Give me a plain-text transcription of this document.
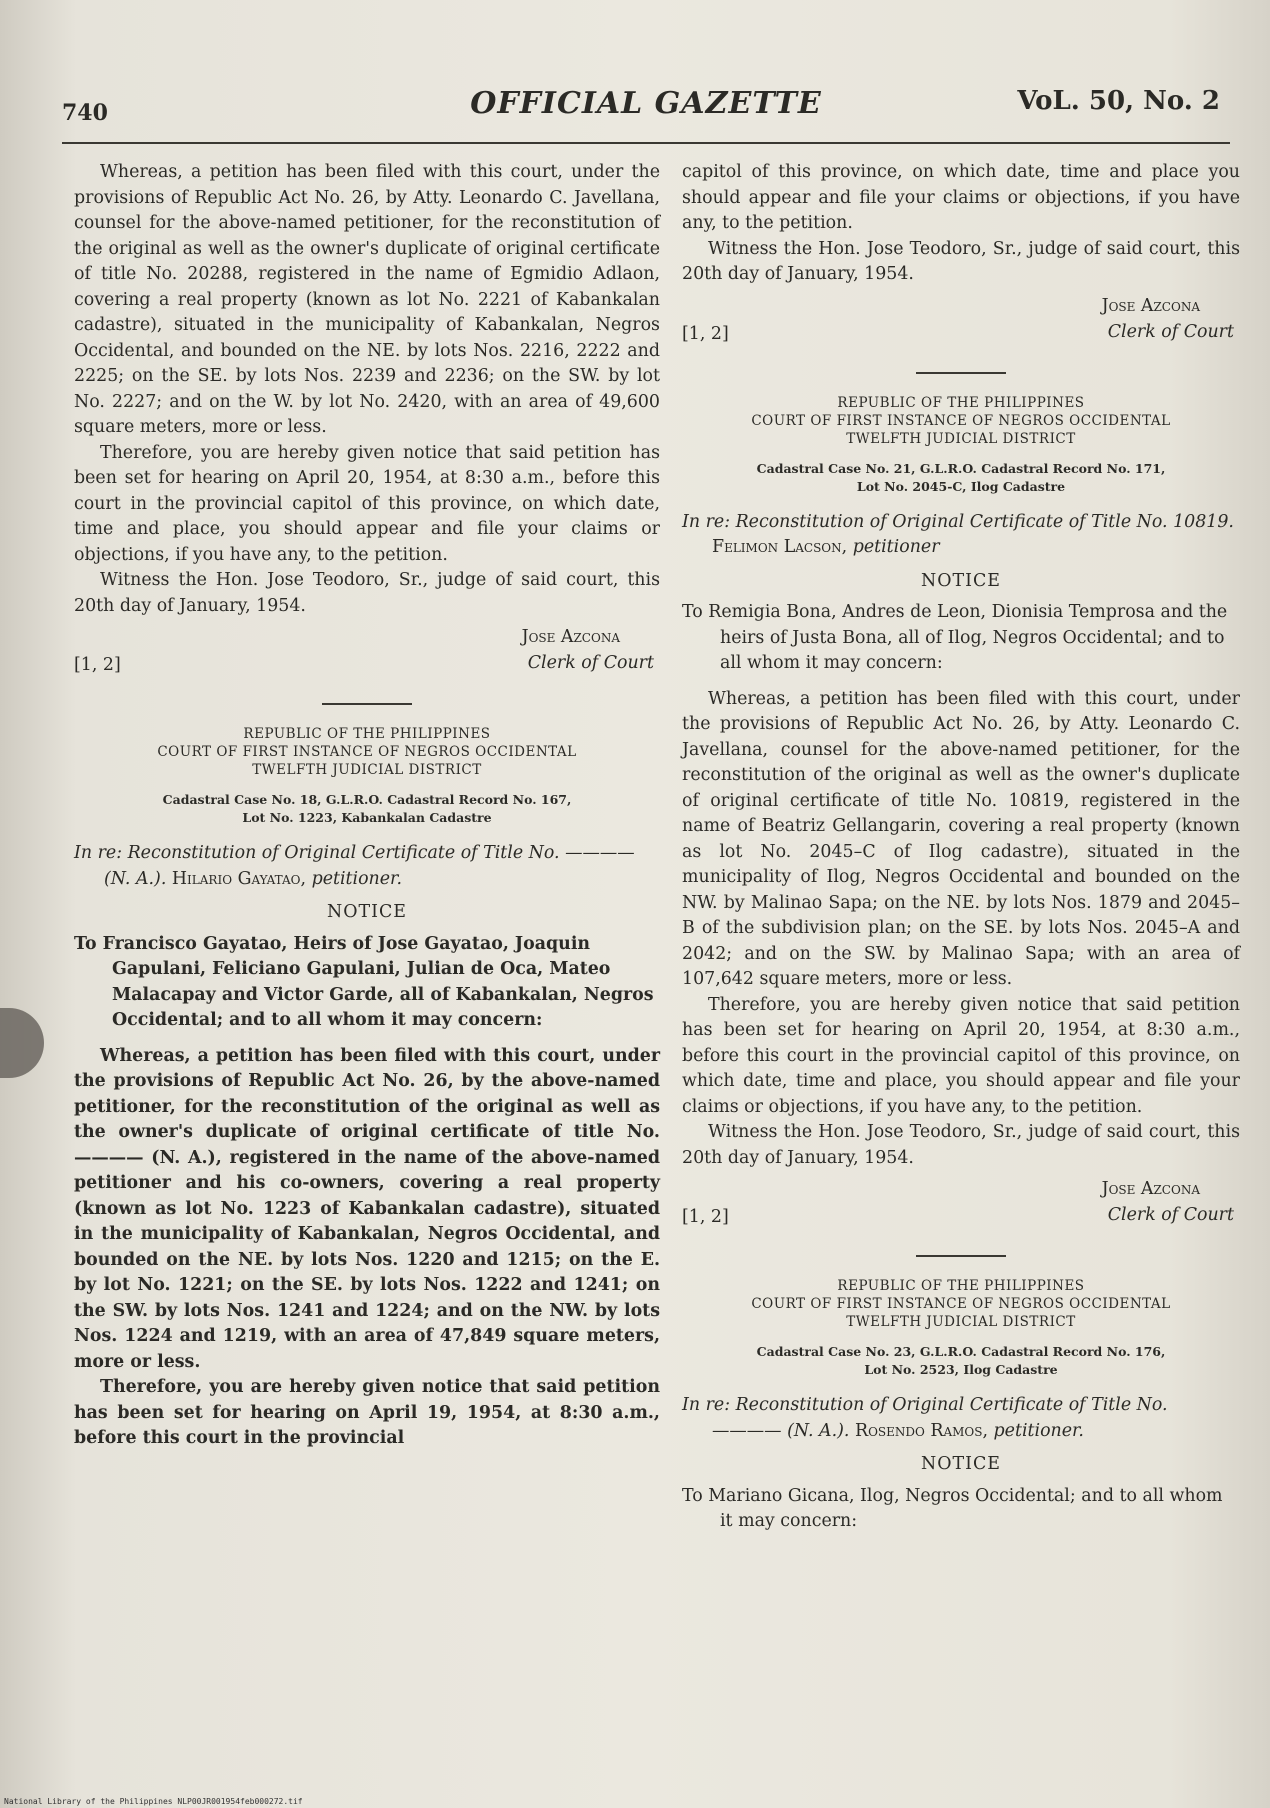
740	OFFICIAL GAZETTE	VoL. 50, No. 2

Whereas, a petition has been filed with this court, under the provisions of Republic Act No. 26, by Atty. Leonardo C. Javellana, counsel for the above-named petitioner, for the reconstitution of the original as well as the owner's duplicate of original certificate of title No. 20288, registered in the name of Egmidio Adlaon, covering a real property (known as lot No. 2221 of Kabankalan cadastre), situated in the municipality of Kabankalan, Negros Occidental, and bounded on the NE. by lots Nos. 2216, 2222 and 2225; on the SE. by lots Nos. 2239 and 2236; on the SW. by lot No. 2227; and on the W. by lot No. 2420, with an area of 49,600 square meters, more or less.

Therefore, you are hereby given notice that said petition has been set for hearing on April 20, 1954, at 8:30 a.m., before this court in the provincial capitol of this province, on which date, time and place, you should appear and file your claims or objections, if you have any, to the petition.

Witness the Hon. Jose Teodoro, Sr., judge of said court, this 20th day of January, 1954.

Jose Azcona
Clerk of Court
[1, 2]
REPUBLIC OF THE PHILIPPINES
COURT OF FIRST INSTANCE OF NEGROS OCCIDENTAL
TWELFTH JUDICIAL DISTRICT
Cadastral Case No. 18, G.L.R.O. Cadastral Record No. 167,
Lot No. 1223, Kabankalan Cadastre

In re: Reconstitution of Original Certificate of Title No. ———— (N. A.). Hilario Gayatao, petitioner.

NOTICE

To Francisco Gayatao, Heirs of Jose Gayatao, Joaquin Gapulani, Feliciano Gapulani, Julian de Oca, Mateo Malacapay and Victor Garde, all of Kabankalan, Negros Occidental; and to all whom it may concern:

Whereas, a petition has been filed with this court, under the provisions of Republic Act No. 26, by the above-named petitioner, for the reconstitution of the original as well as the owner's duplicate of original certificate of title No. ———— (N. A.), registered in the name of the above-named petitioner and his co-owners, covering a real property (known as lot No. 1223 of Kabankalan cadastre), situated in the municipality of Kabankalan, Negros Occidental, and bounded on the NE. by lots Nos. 1220 and 1215; on the E. by lot No. 1221; on the SE. by lots Nos. 1222 and 1241; on the SW. by lots Nos. 1241 and 1224; and on the NW. by lots Nos. 1224 and 1219, with an area of 47,849 square meters, more or less.

Therefore, you are hereby given notice that said petition has been set for hearing on April 19, 1954, at 8:30 a.m., before this court in the provincial

capitol of this province, on which date, time and place you should appear and file your claims or objections, if you have any, to the petition.

Witness the Hon. Jose Teodoro, Sr., judge of said court, this 20th day of January, 1954.

Jose Azcona
Clerk of Court
[1, 2]
REPUBLIC OF THE PHILIPPINES
COURT OF FIRST INSTANCE OF NEGROS OCCIDENTAL
TWELFTH JUDICIAL DISTRICT
Cadastral Case No. 21, G.L.R.O. Cadastral Record No. 171,
Lot No. 2045-C, Ilog Cadastre

In re: Reconstitution of Original Certificate of Title No. 10819. Felimon Lacson, petitioner

NOTICE

To Remigia Bona, Andres de Leon, Dionisia Temprosa and the heirs of Justa Bona, all of Ilog, Negros Occidental; and to all whom it may concern:

Whereas, a petition has been filed with this court, under the provisions of Republic Act No. 26, by Atty. Leonardo C. Javellana, counsel for the above-named petitioner, for the reconstitution of the original as well as the owner's duplicate of original certificate of title No. 10819, registered in the name of Beatriz Gellangarin, covering a real property (known as lot No. 2045–C of Ilog cadastre), situated in the municipality of Ilog, Negros Occidental and bounded on the NW. by Malinao Sapa; on the NE. by lots Nos. 1879 and 2045–B of the subdivision plan; on the SE. by lots Nos. 2045–A and 2042; and on the SW. by Malinao Sapa; with an area of 107,642 square meters, more or less.

Therefore, you are hereby given notice that said petition has been set for hearing on April 20, 1954, at 8:30 a.m., before this court in the provincial capitol of this province, on which date, time and place, you should appear and file your claims or objections, if you have any, to the petition.

Witness the Hon. Jose Teodoro, Sr., judge of said court, this 20th day of January, 1954.

Jose Azcona
Clerk of Court
[1, 2]
REPUBLIC OF THE PHILIPPINES
COURT OF FIRST INSTANCE OF NEGROS OCCIDENTAL
TWELFTH JUDICIAL DISTRICT
Cadastral Case No. 23, G.L.R.O. Cadastral Record No. 176,
Lot No. 2523, Ilog Cadastre

In re: Reconstitution of Original Certificate of Title No. ———— (N. A.). Rosendo Ramos, petitioner.

NOTICE

To Mariano Gicana, Ilog, Negros Occidental; and to all whom it may concern:

National Library of the Philippines NLP00JR001954feb000272.tif
